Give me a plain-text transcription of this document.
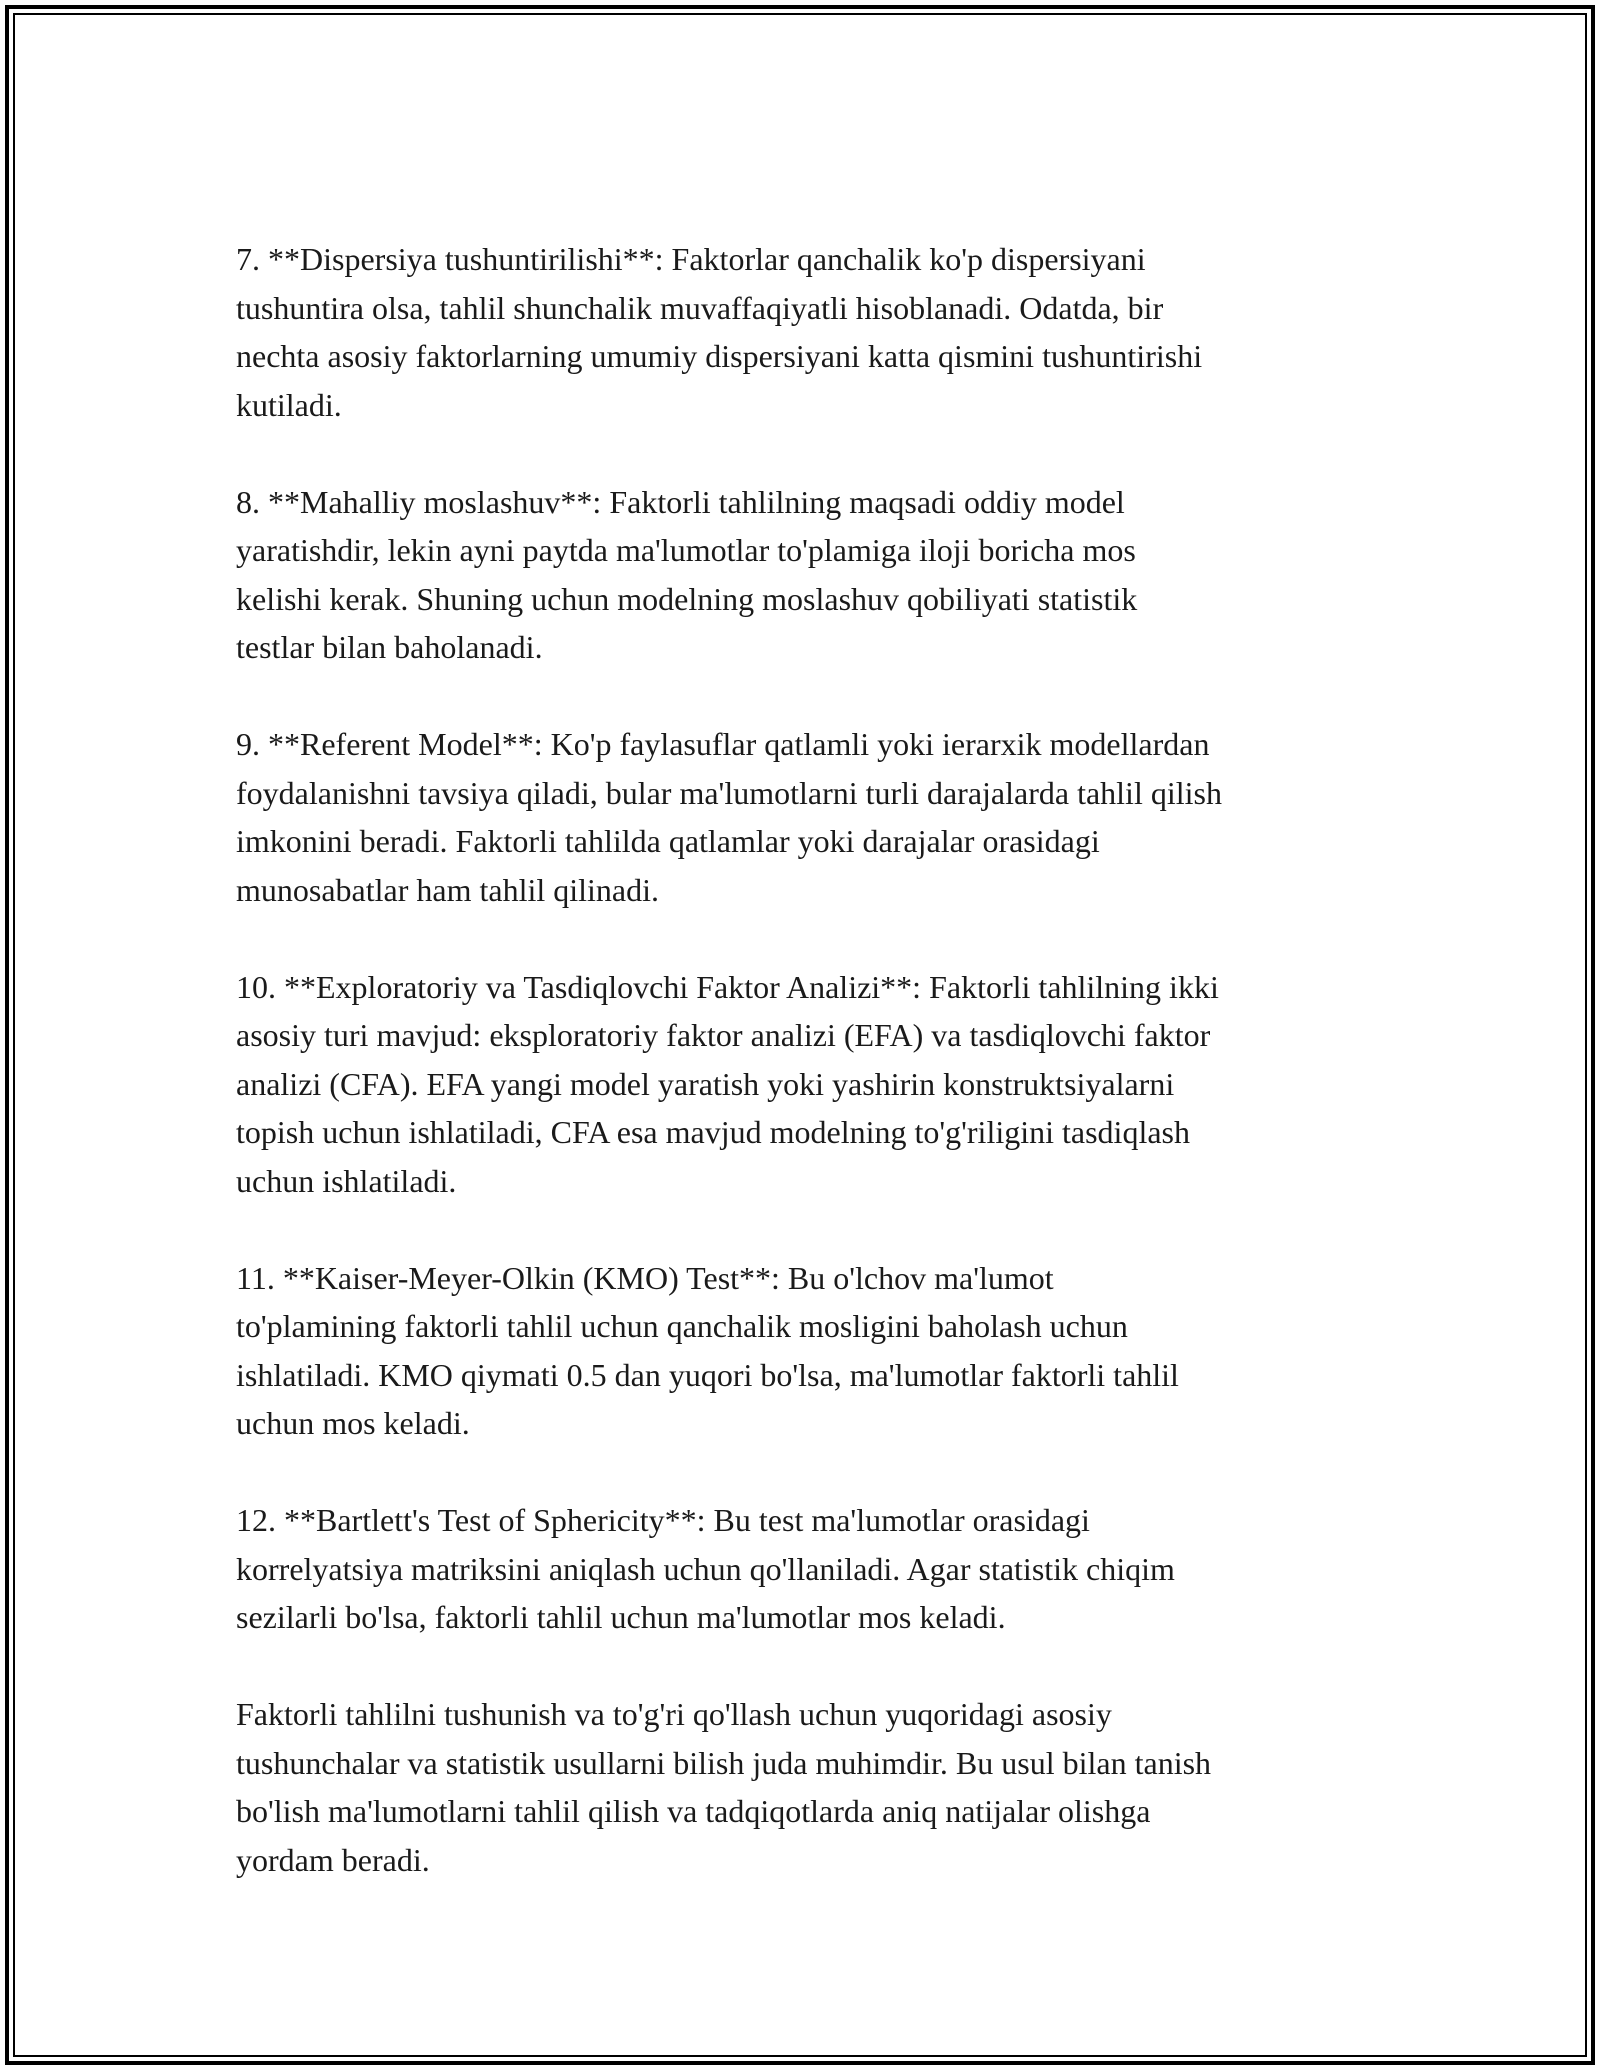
7. **Dispersiya tushuntirilishi**: Faktorlar qanchalik ko'p dispersiyani
tushuntira olsa, tahlil shunchalik muvaffaqiyatli hisoblanadi. Odatda, bir
nechta asosiy faktorlarning umumiy dispersiyani katta qismini tushuntirishi
kutiladi.

8. **Mahalliy moslashuv**: Faktorli tahlilning maqsadi oddiy model
yaratishdir, lekin ayni paytda ma'lumotlar to'plamiga iloji boricha mos
kelishi kerak. Shuning uchun modelning moslashuv qobiliyati statistik
testlar bilan baholanadi.

9. **Referent Model**: Ko'p faylasuflar qatlamli yoki ierarxik modellardan
foydalanishni tavsiya qiladi, bular ma'lumotlarni turli darajalarda tahlil qilish
imkonini beradi. Faktorli tahlilda qatlamlar yoki darajalar orasidagi
munosabatlar ham tahlil qilinadi.

10. **Exploratoriy va Tasdiqlovchi Faktor Analizi**: Faktorli tahlilning ikki
asosiy turi mavjud: eksploratoriy faktor analizi (EFA) va tasdiqlovchi faktor
analizi (CFA). EFA yangi model yaratish yoki yashirin konstruktsiyalarni
topish uchun ishlatiladi, CFA esa mavjud modelning to'g'riligini tasdiqlash
uchun ishlatiladi.

11. **Kaiser-Meyer-Olkin (KMO) Test**: Bu o'lchov ma'lumot
to'plamining faktorli tahlil uchun qanchalik mosligini baholash uchun
ishlatiladi. KMO qiymati 0.5 dan yuqori bo'lsa, ma'lumotlar faktorli tahlil
uchun mos keladi.

12. **Bartlett's Test of Sphericity**: Bu test ma'lumotlar orasidagi
korrelyatsiya matriksini aniqlash uchun qo'llaniladi. Agar statistik chiqim
sezilarli bo'lsa, faktorli tahlil uchun ma'lumotlar mos keladi.

Faktorli tahlilni tushunish va to'g'ri qo'llash uchun yuqoridagi asosiy
tushunchalar va statistik usullarni bilish juda muhimdir. Bu usul bilan tanish
bo'lish ma'lumotlarni tahlil qilish va tadqiqotlarda aniq natijalar olishga
yordam beradi.
